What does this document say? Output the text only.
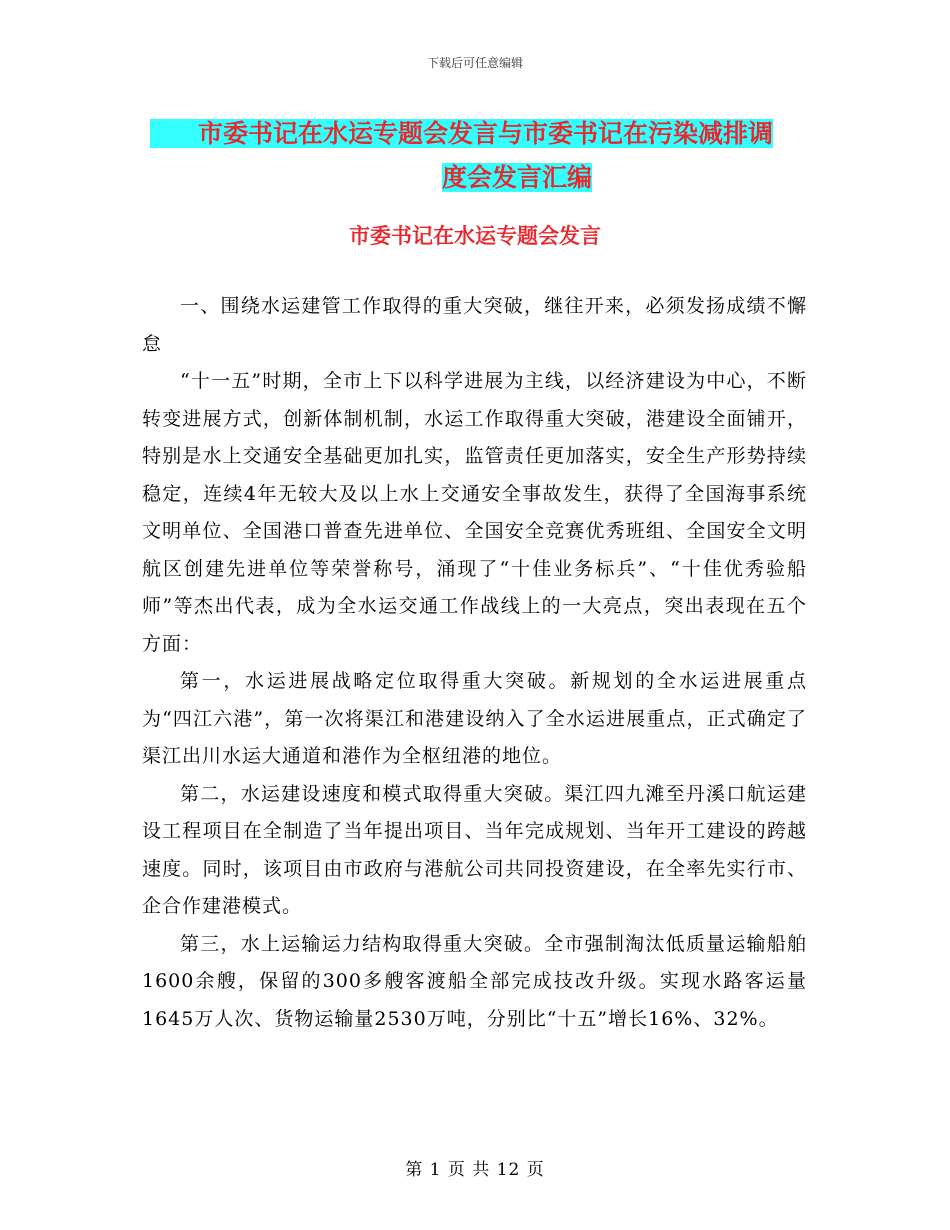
下载后可任意编辑
市委书记在水运专题会发言与市委书记在污染减排调
度会发言汇编
市委书记在水运专题会发言

一、围绕水运建管工作取得的重大突破，继往开来，必须发扬成绩不懈怠

“十一五”时期，全市上下以科学进展为主线，以经济建设为中心，不断转变进展方式，创新体制机制，水运工作取得重大突破，港建设全面铺开，特别是水上交通安全基础更加扎实，监管责任更加落实，安全生产形势持续稳定，连续4年无较大及以上水上交通安全事故发生，获得了全国海事系统文明单位、全国港口普查先进单位、全国安全竞赛优秀班组、全国安全文明航区创建先进单位等荣誉称号，涌现了“十佳业务标兵”、“十佳优秀验船师”等杰出代表，成为全水运交通工作战线上的一大亮点，突出表现在五个方面：

第一，水运进展战略定位取得重大突破。新规划的全水运进展重点为“四江六港”，第一次将渠江和港建设纳入了全水运进展重点，正式确定了渠江出川水运大通道和港作为全枢纽港的地位。

第二，水运建设速度和模式取得重大突破。渠江四九滩至丹溪口航运建设工程项目在全制造了当年提出项目、当年完成规划、当年开工建设的跨越速度。同时，该项目由市政府与港航公司共同投资建设，在全率先实行市、企合作建港模式。

第三，水上运输运力结构取得重大突破。全市强制淘汰低质量运输船舶1600余艘，保留的300多艘客渡船全部完成技改升级。实现水路客运量1645万人次、货物运输量2530万吨，分别比“十五”增长16%、32%。

第 1 页 共 12 页
